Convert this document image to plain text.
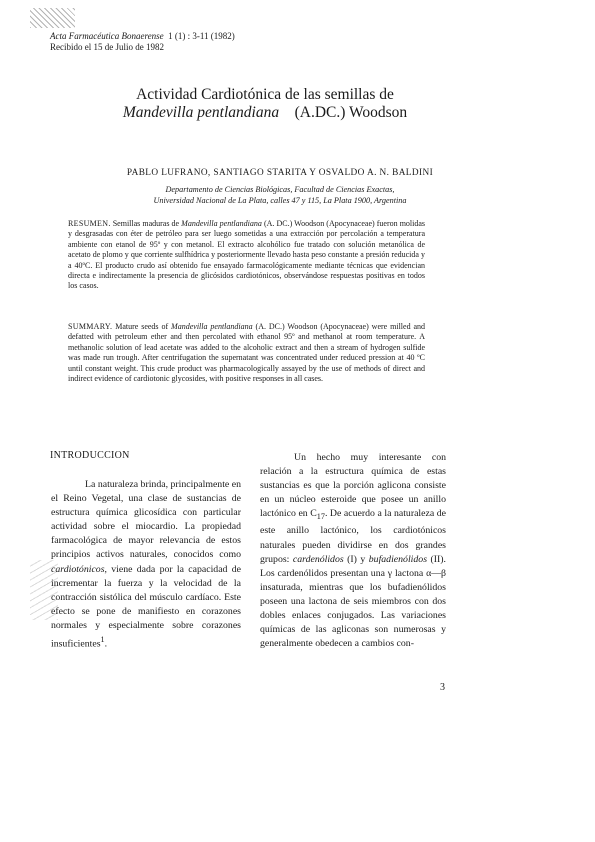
Acta Farmacéutica Bonaerense 1 (1) : 3-11 (1982)
Recibido el 15 de Julio de 1982
Actividad Cardiotónica de las semillas de
Mandevilla pentlandiana (A.DC.) Woodson
PABLO LUFRANO, SANTIAGO STARITA Y OSVALDO A. N. BALDINI
Departamento de Ciencias Biológicas, Facultad de Ciencias Exactas,
Universidad Nacional de La Plata, calles 47 y 115, La Plata 1900, Argentina
RESUMEN. Semillas maduras de Mandevilla pentlandiana (A. DC.) Woodson (Apocynaceae) fueron molidas y desgrasadas con éter de petróleo para ser luego sometidas a una extracción por percolación a temperatura ambiente con etanol de 95º y con metanol. El extracto alcohólico fue tratado con solución metanólica de acetato de plomo y que corriente sulfhídrica y posteriormente llevado hasta peso constante a presión reducida y a 40ºC. El producto crudo así obtenido fue ensayado farmacológicamente mediante técnicas que evidencian directa e indirectamente la presencia de glicósidos cardiotónicos, observándose respuestas positivas en todos los casos.
SUMMARY. Mature seeds of Mandevilla pentlandiana (A. DC.) Woodson (Apocynaceae) were milled and defatted with petroleum ether and then percolated with ethanol 95º and methanol at room temperature. A methanolic solution of lead acetate was added to the alcoholic extract and then a stream of hydrogen sulfide was made run trough. After centrifugation the supernatant was concentrated under reduced pression at 40 ºC until constant weight. This crude product was pharmacologically assayed by the use of methods of direct and indirect evidence of cardiotonic glycosides, with positive responses in all cases.
INTRODUCCION
La naturaleza brinda, principalmente en el Reino Vegetal, una clase de sustancias de estructura química glicosídica con particular actividad sobre el miocardio. La propiedad farmacológica de mayor relevancia de estos principios activos naturales, conocidos como cardiotónicos, viene dada por la capacidad de incrementar la fuerza y la velocidad de la contracción sistólica del músculo cardíaco. Este efecto se pone de manifiesto en corazones normales y especialmente sobre corazones insuficientes$^1$.
Un hecho muy interesante con relación a la estructura química de estas sustancias es que la porción aglicona consiste en un núcleo esteroide que posee un anillo lactónico en $C_{17}$. De acuerdo a la naturaleza de este anillo lactónico, los cardiotónicos naturales pueden dividirse en dos grandes grupos: cardenólidos (I) y bufadienólidos (II). Los cardenólidos presentan una γ lactona α—β insaturada, mientras que los bufadienólidos poseen una lactona de seis miembros con dos dobles enlaces conjugados. Las variaciones químicas de las agliconas son numerosas y generalmente obedecen a cambios con-
3
